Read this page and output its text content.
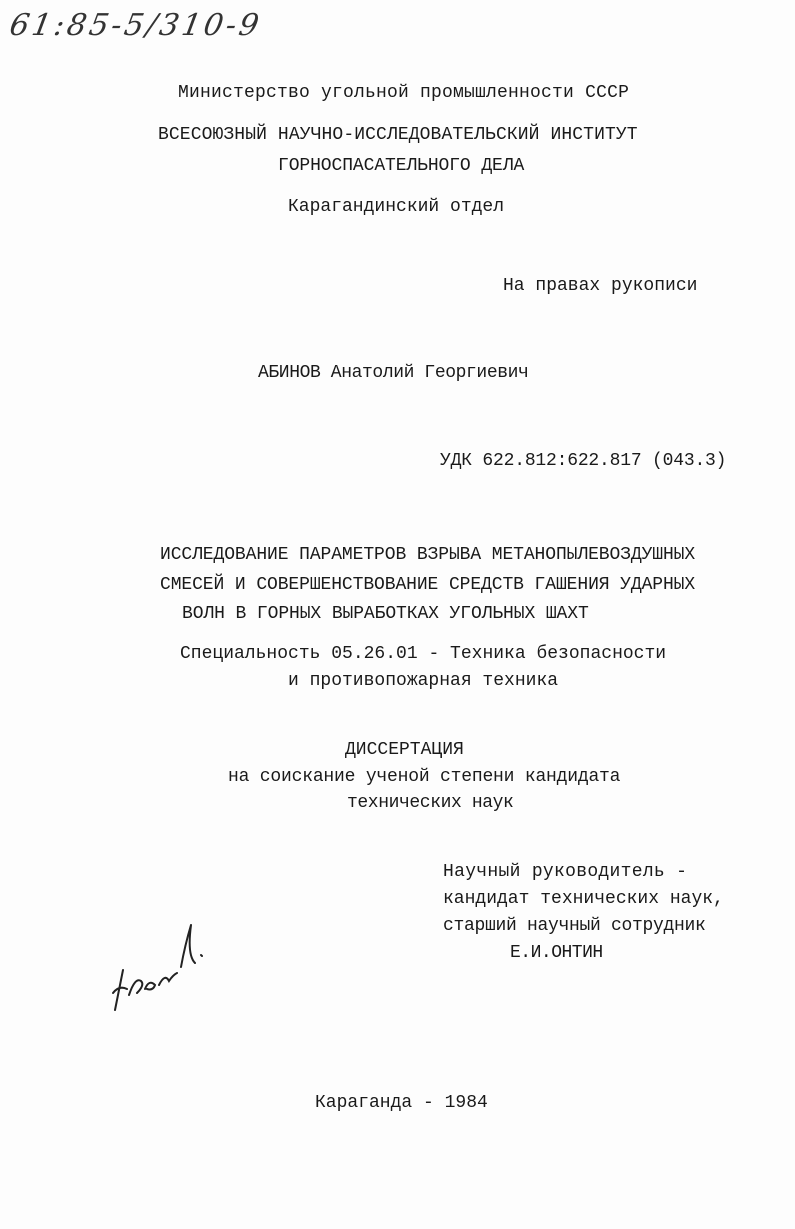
61:85-5/310-9
Министерство угольной промышленности СССР
ВСЕСОЮЗНЫЙ НАУЧНО-ИССЛЕДОВАТЕЛЬСКИЙ ИНСТИТУТ
ГОРНОСПАСАТЕЛЬНОГО ДЕЛА
Карагандинский отдел
На правах рукописи
АБИНОВ Анатолий Георгиевич
УДК 622.812:622.817 (043.3)
ИССЛЕДОВАНИЕ ПАРАМЕТРОВ ВЗРЫВА МЕТАНОПЫЛЕВОЗДУШНЫХ
СМЕСЕЙ И СОВЕРШЕНСТВОВАНИЕ СРЕДСТВ ГАШЕНИЯ УДАРНЫХ
ВОЛН В ГОРНЫХ ВЫРАБОТКАХ УГОЛЬНЫХ ШАХТ
Специальность 05.26.01 - Техника безопасности
и противопожарная техника
ДИССЕРТАЦИЯ
на соискание ученой степени кандидата
технических наук
Научный руководитель -
кандидат технических наук,
старший научный сотрудник
Е.И.ОНТИН
Караганда - 1984
